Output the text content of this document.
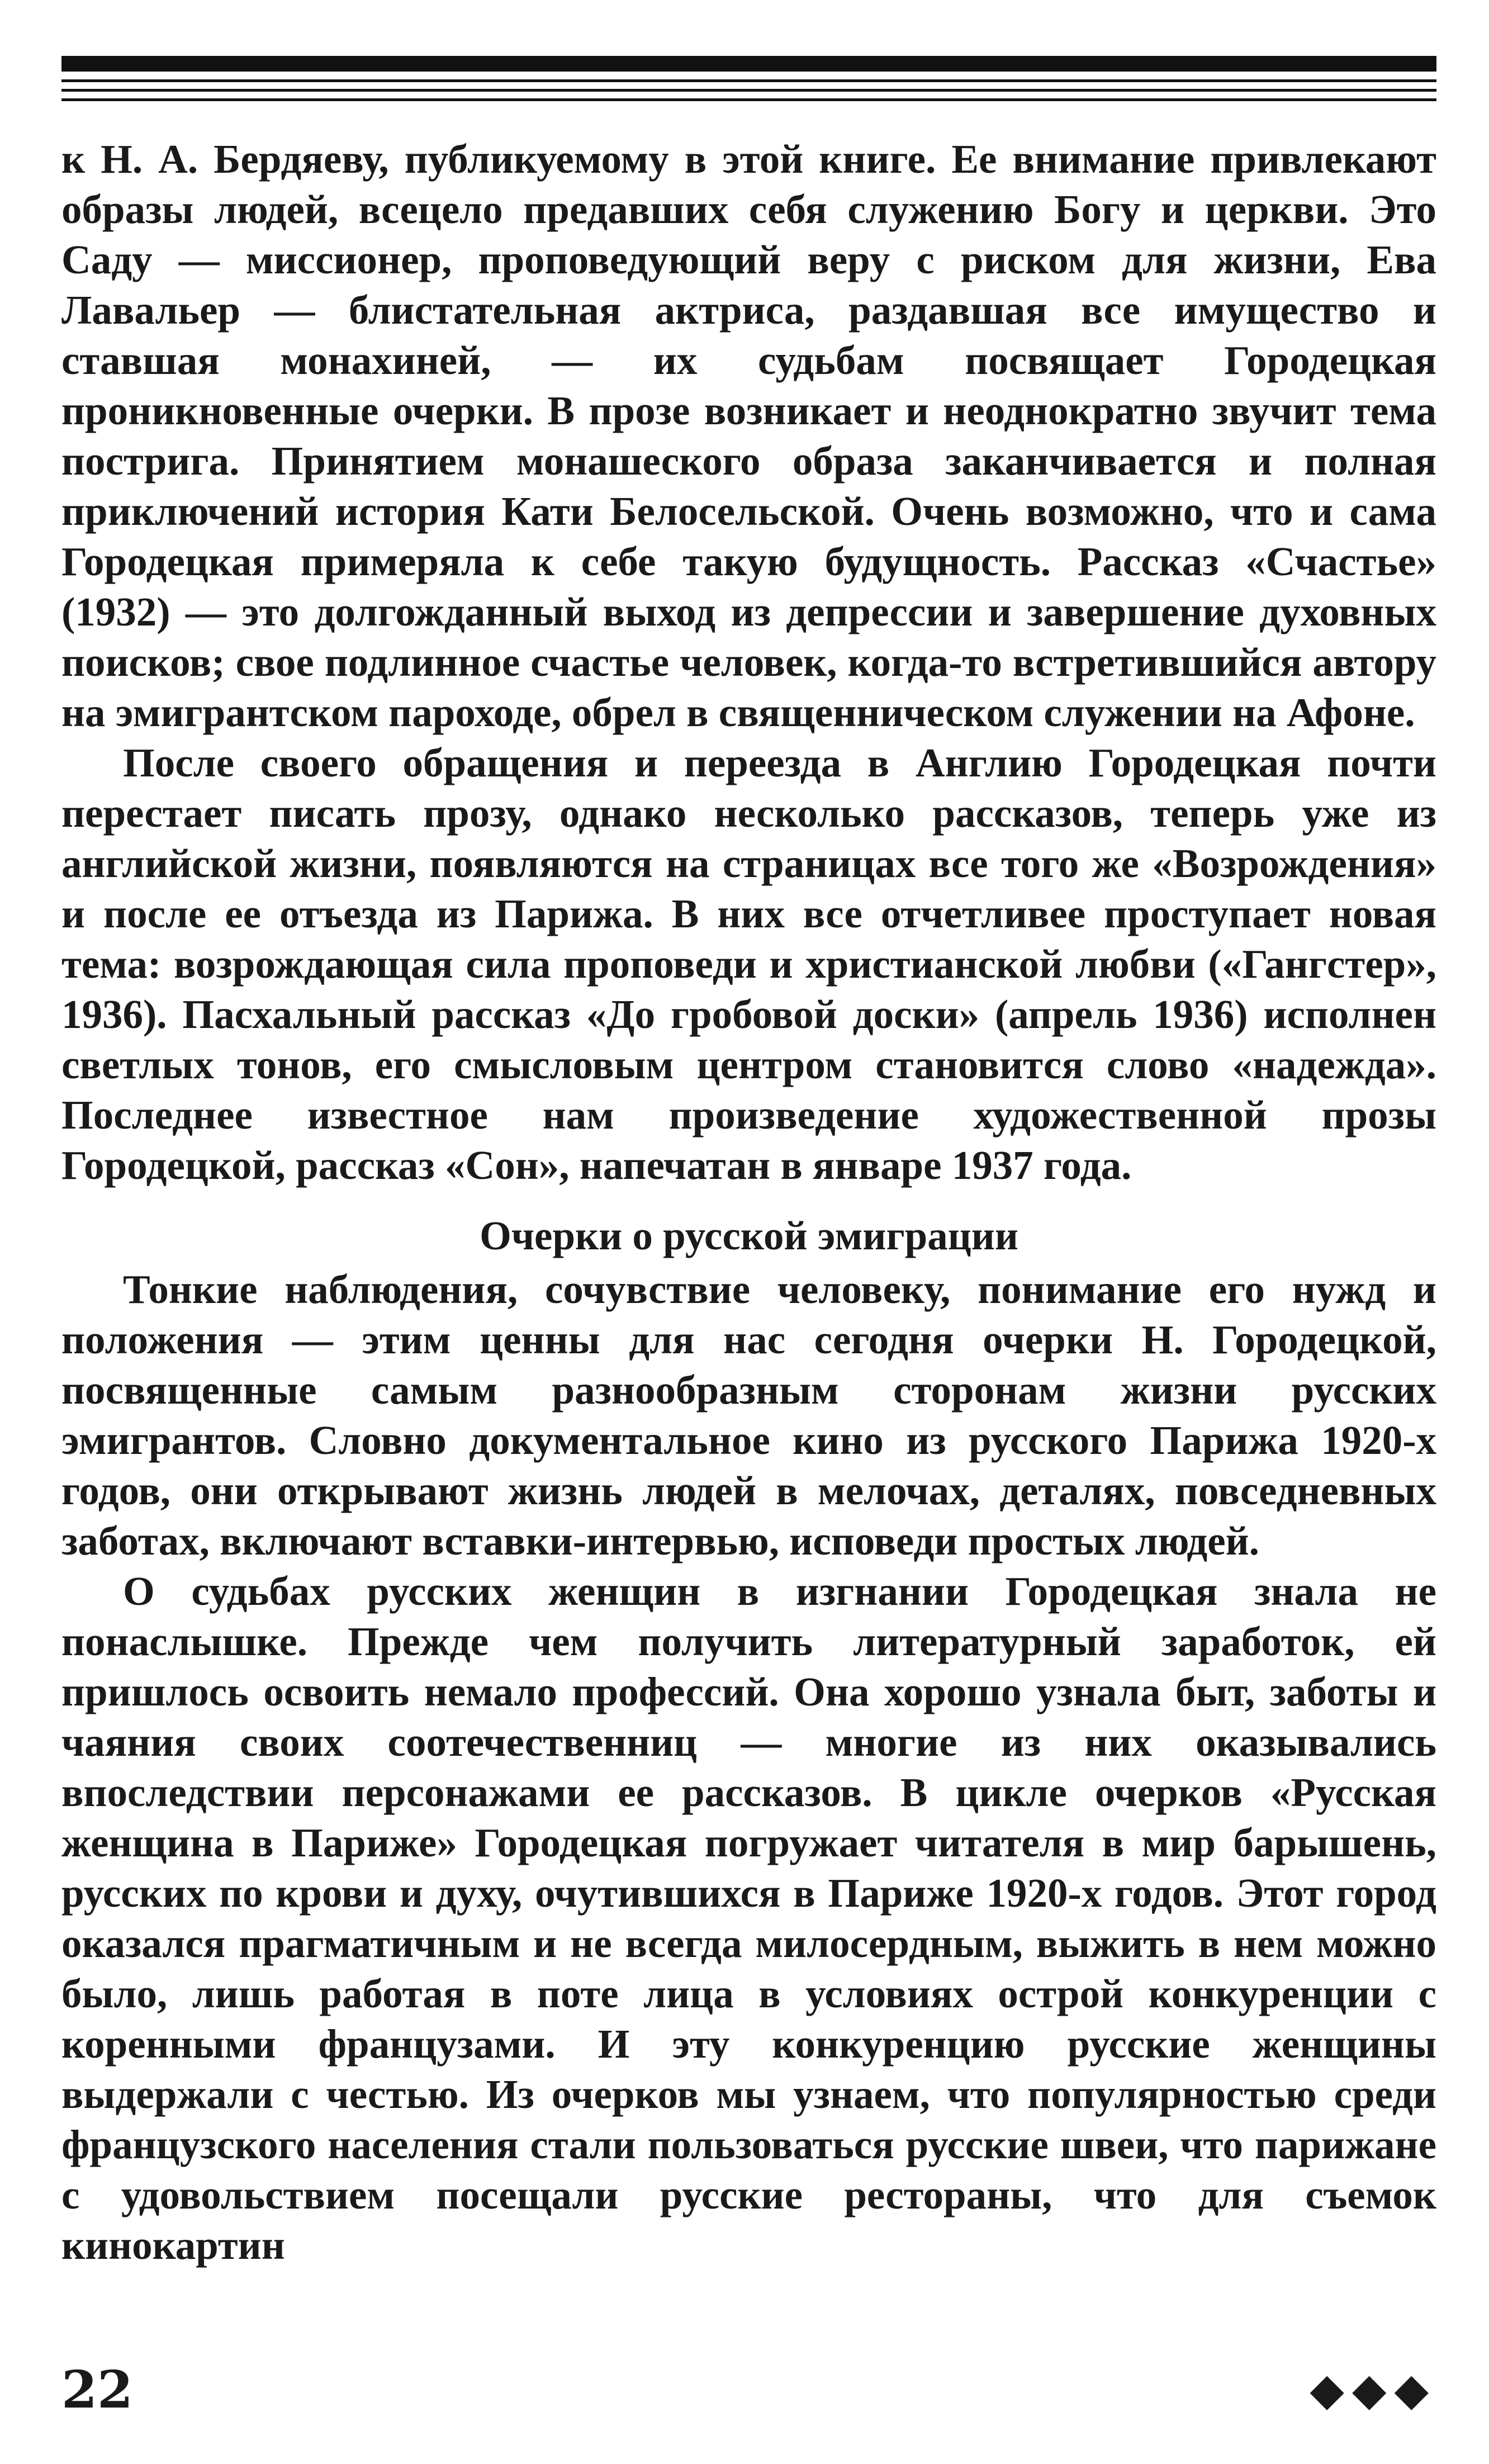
к Н. А. Бердяеву, публикуемому в этой книге. Ее внимание привлекают образы людей, всецело предавших себя служению Богу и церкви. Это Саду — миссионер, проповедующий веру с риском для жизни, Ева Лавальер — блистательная актриса, раздавшая все имущество и ставшая монахиней, — их судьбам посвящает Городецкая проникновенные очерки. В прозе возникает и неоднократно звучит тема пострига. Принятием монашеского образа заканчивается и полная приключений история Кати Белосельской. Очень возможно, что и сама Городецкая примеряла к себе такую будущность. Рассказ «Счастье» (1932) — это долгожданный выход из депрессии и завершение духовных поисков; свое подлинное счастье человек, когда-то встретившийся автору на эмигрантском пароходе, обрел в священническом служении на Афоне.

После своего обращения и переезда в Англию Городецкая почти перестает писать прозу, однако несколько рассказов, теперь уже из английской жизни, появляются на страницах все того же «Возрождения» и после ее отъезда из Парижа. В них все отчетливее проступает новая тема: возрождающая сила проповеди и христианской любви («Гангстер», 1936). Пасхальный рассказ «До гробовой доски» (апрель 1936) исполнен светлых тонов, его смысловым центром становится слово «надежда». Последнее известное нам произведение художественной прозы Городецкой, рассказ «Сон», напечатан в январе 1937 года.

Очерки о русской эмиграции

Тонкие наблюдения, сочувствие человеку, понимание его нужд и положения — этим ценны для нас сегодня очерки Н. Городецкой, посвященные самым разнообразным сторонам жизни русских эмигрантов. Словно документальное кино из русского Парижа 1920-х годов, они открывают жизнь людей в мелочах, деталях, повседневных заботах, включают вставки-интервью, исповеди простых людей.

О судьбах русских женщин в изгнании Городецкая знала не понаслышке. Прежде чем получить литературный заработок, ей пришлось освоить немало профессий. Она хорошо узнала быт, заботы и чаяния своих соотечественниц — многие из них оказывались впоследствии персонажами ее рассказов. В цикле очерков «Русская женщина в Париже» Городецкая погружает читателя в мир барышень, русских по крови и духу, очутившихся в Париже 1920-х годов. Этот город оказался прагматичным и не всегда милосердным, выжить в нем можно было, лишь работая в поте лица в условиях острой конкуренции с коренными французами. И эту конкуренцию русские женщины выдержали с честью. Из очерков мы узнаем, что популярностью среди французского населения стали пользоваться русские швеи, что парижане с удовольствием посещали русские рестораны, что для съемок кинокартин

22	◆◆◆
